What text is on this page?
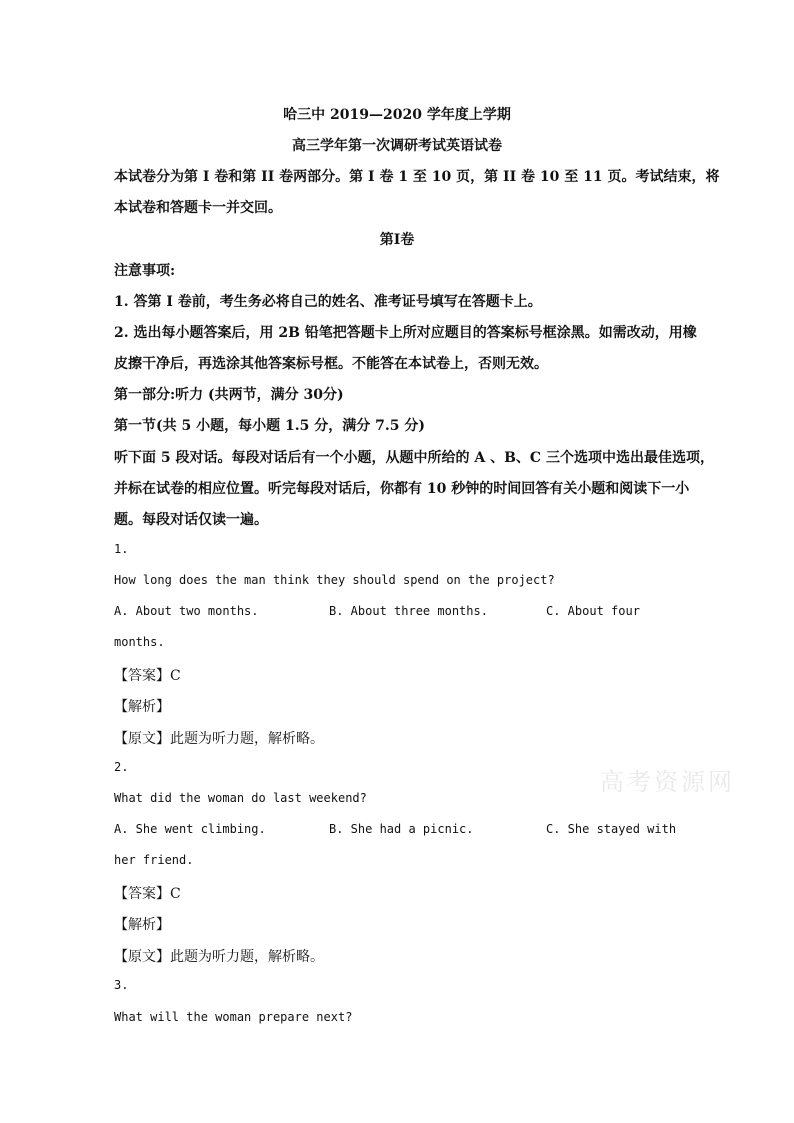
哈三中 2019—2020 学年度上学期
高三学年第一次调研考试英语试卷
本试卷分为第 I 卷和第 II 卷两部分。第 I 卷 1 至 10 页，第 II 卷 10 至 11 页。考试结束，将
本试卷和答题卡一并交回。
第Ⅰ卷
注意事项:
1. 答第 I 卷前，考生务必将自己的姓名、准考证号填写在答题卡上。
2. 选出每小题答案后，用 2B 铅笔把答题卡上所对应题目的答案标号框涂黑。如需改动，用橡
皮擦干净后，再选涂其他答案标号框。不能答在本试卷上，否则无效。
第一部分:听力 (共两节，满分 30分)
第一节(共 5 小题，每小题 1.5 分，满分 7.5 分)
听下面 5 段对话。每段对话后有一个小题，从题中所给的 A 、B、C 三个选项中选出最佳选项，
并标在试卷的相应位置。听完每段对话后，你都有 10 秒钟的时间回答有关小题和阅读下一小
题。每段对话仅读一遍。
1.
How long does the man think they should spend on the project?
A. About two months.	B. About three months.	C. About four
months.
【答案】C
【解析】
【原文】此题为听力题，解析略。
2.
What did the woman do last weekend?
A. She went climbing.	B. She had a picnic.	C. She stayed with
her friend.
【答案】C
【解析】
【原文】此题为听力题，解析略。
3.
What will the woman prepare next?
高考资源网
